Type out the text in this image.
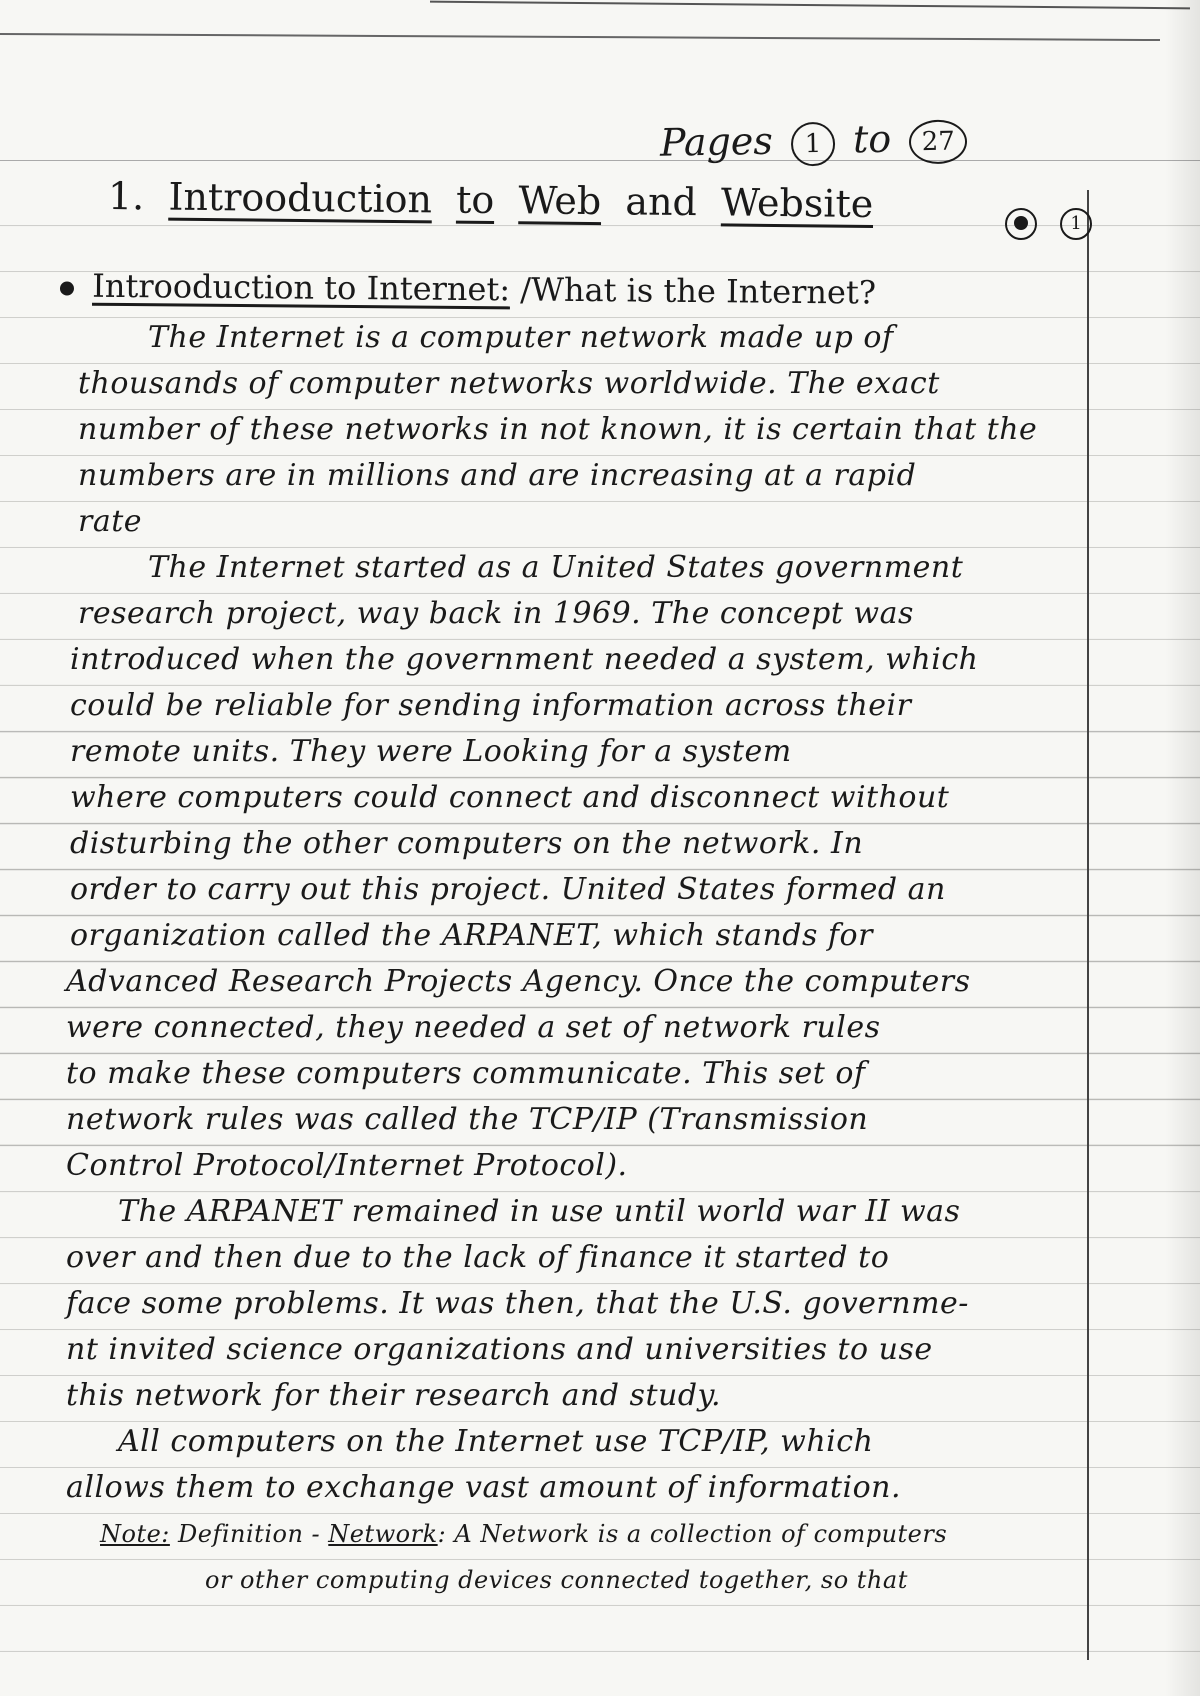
Pages 1 to 27
1. Introoduction to Web and Website	1
Introoduction to Internet: /What is the Internet?
The Internet is a computer network made up of
thousands of computer networks worldwide. The exact
number of these networks in not known, it is certain that the
numbers are in millions and are increasing at a rapid
rate
The Internet started as a United States government
research project, way back in 1969. The concept was
introduced when the government needed a system, which
could be reliable for sending information across their
remote units. They were Looking for a system
where computers could connect and disconnect without
disturbing the other computers on the network. In
order to carry out this project. United States formed an
organization called the ARPANET, which stands for
Advanced Research Projects Agency. Once the computers
were connected, they needed a set of network rules
to make these computers communicate. This set of
network rules was called the TCP/IP (Transmission
Control Protocol/Internet Protocol).
The ARPANET remained in use until world war II was
over and then due to the lack of finance it started to
face some problems. It was then, that the U.S. governme-
nt invited science organizations and universities to use
this network for their research and study.
All computers on the Internet use TCP/IP, which
allows them to exchange vast amount of information.
Note: Definition - Network: A Network is a collection of computers
or other computing devices connected together, so that
